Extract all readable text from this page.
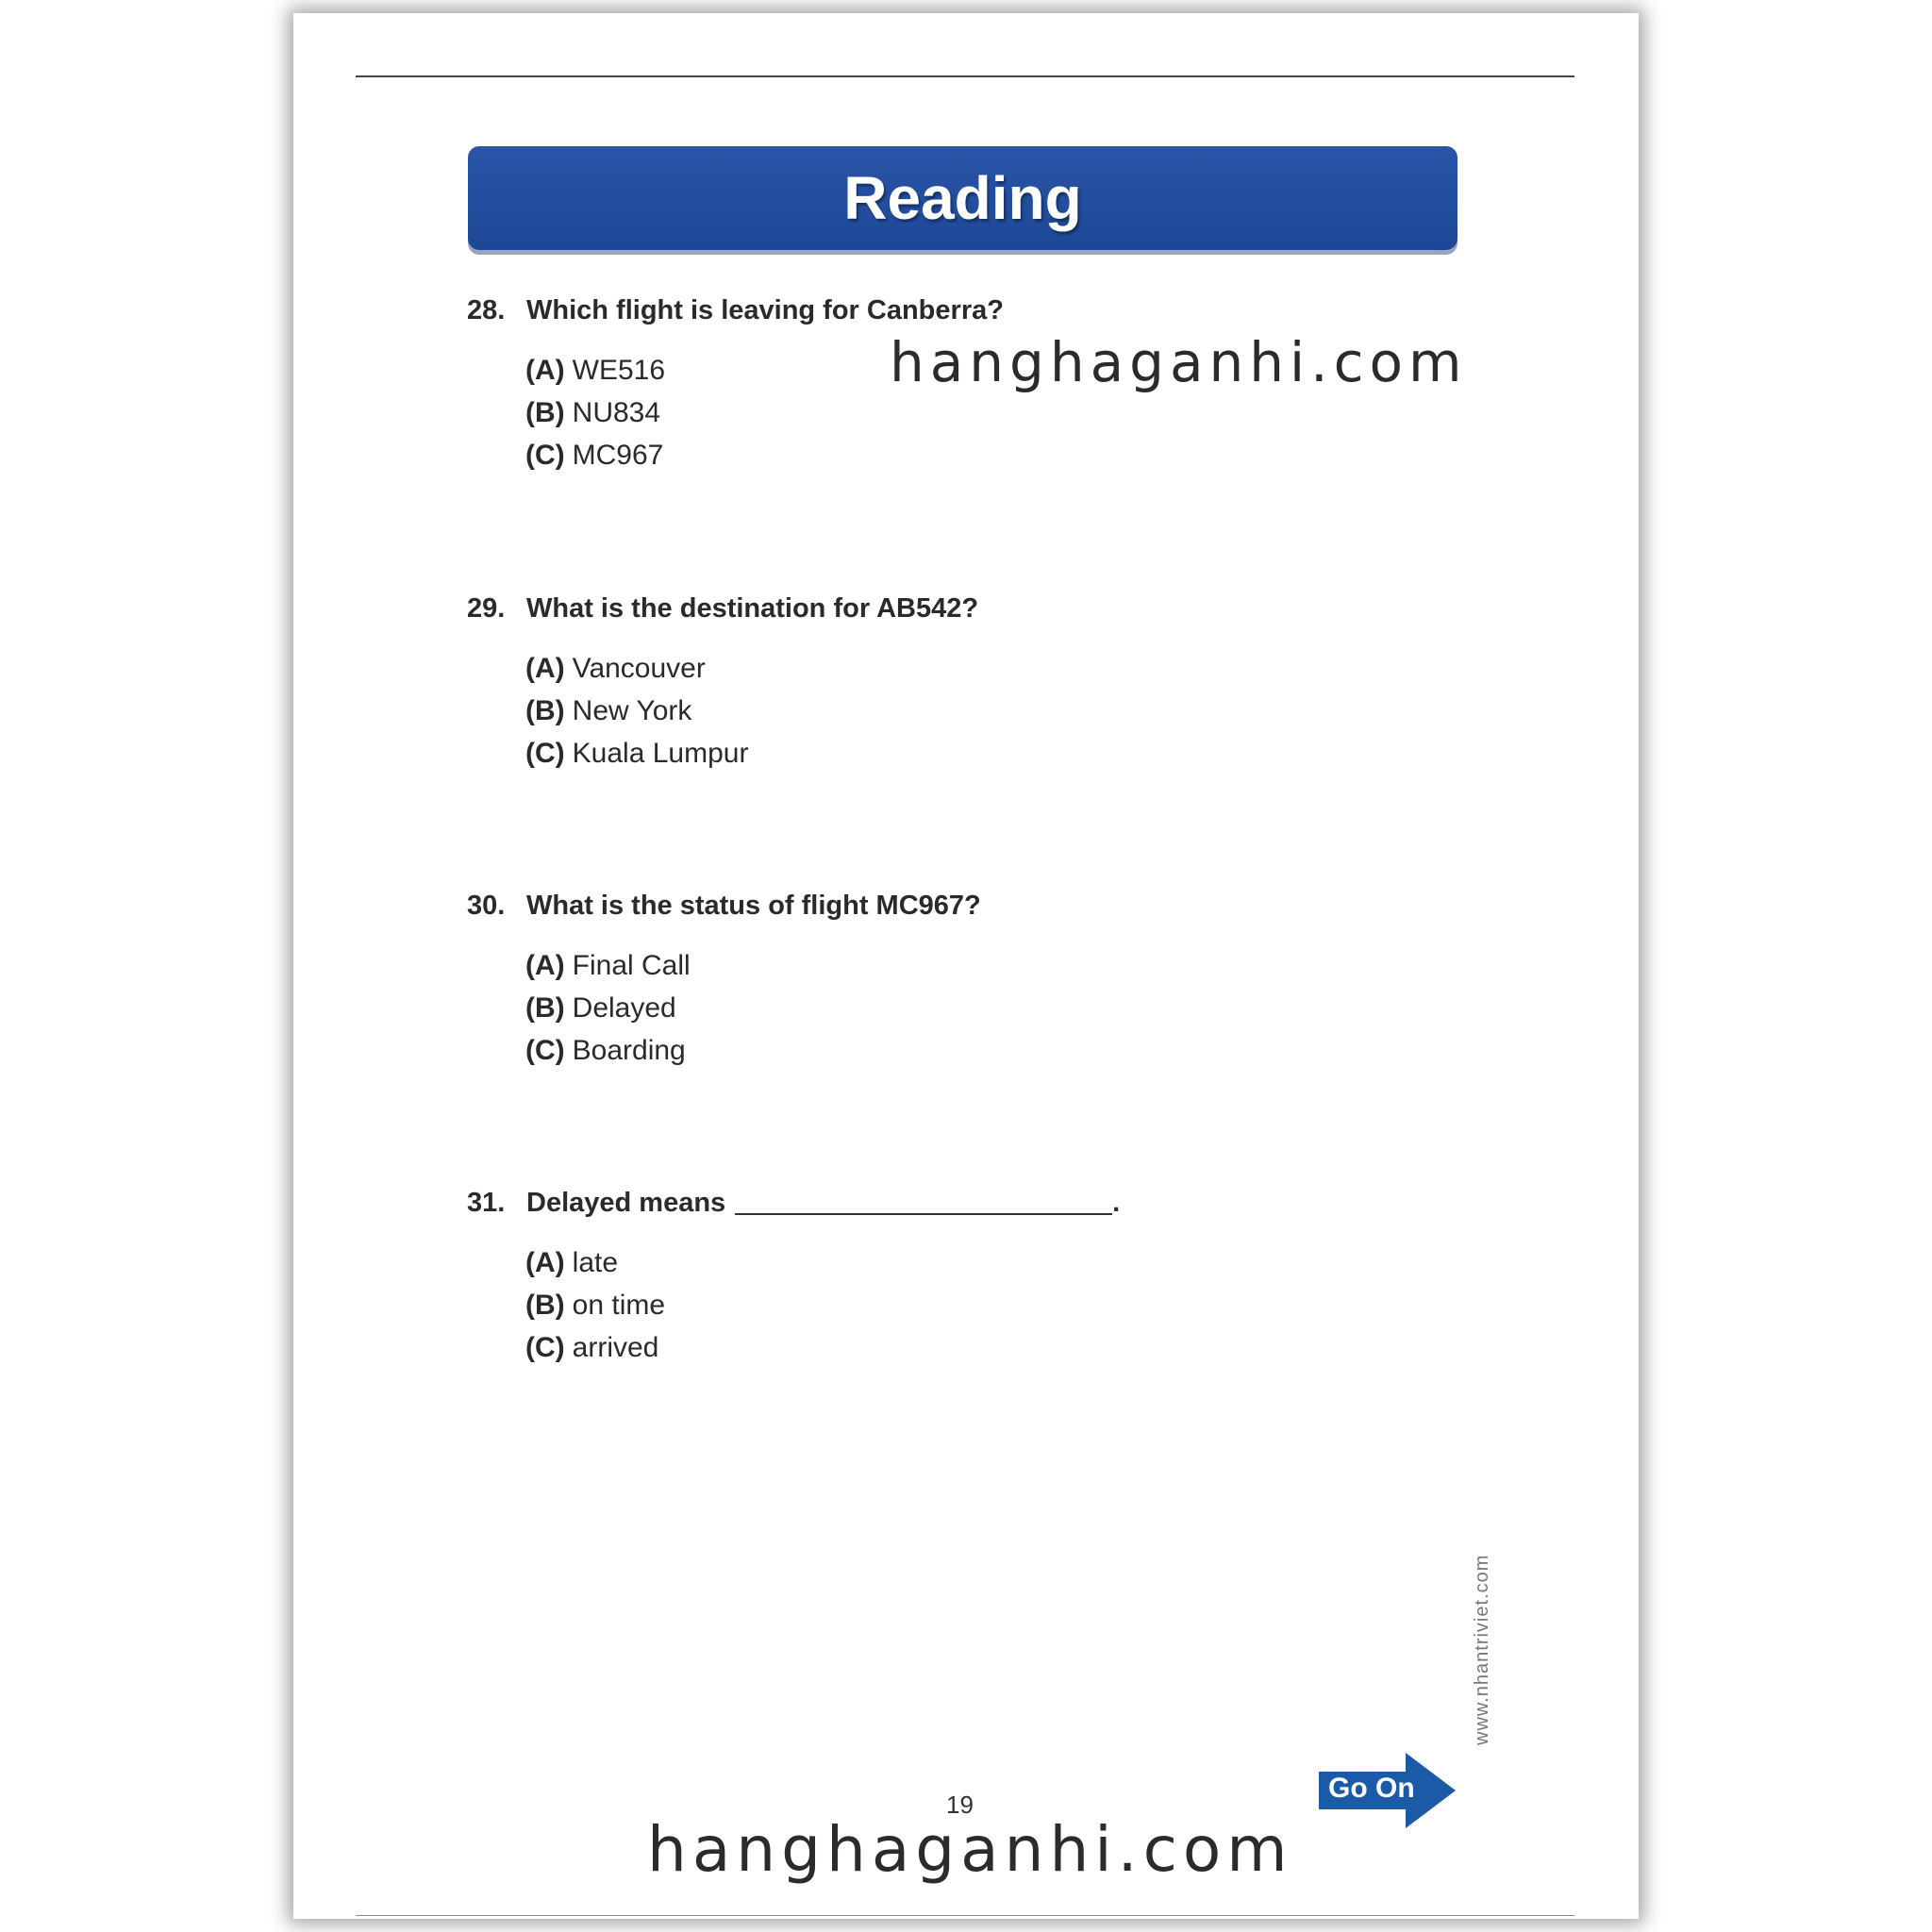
Reading
28. Which flight is leaving for Canberra?
(A) WE516
(B) NU834
(C) MC967
29. What is the destination for AB542?
(A) Vancouver
(B) New York
(C) Kuala Lumpur
30. What is the status of flight MC967?
(A) Final Call
(B) Delayed
(C) Boarding
31. Delayed means	.
(A) late
(B) on time
(C) arrived
hanghaganhi.com
hanghaganhi.com
19
www.nhantriviet.com
Go On
